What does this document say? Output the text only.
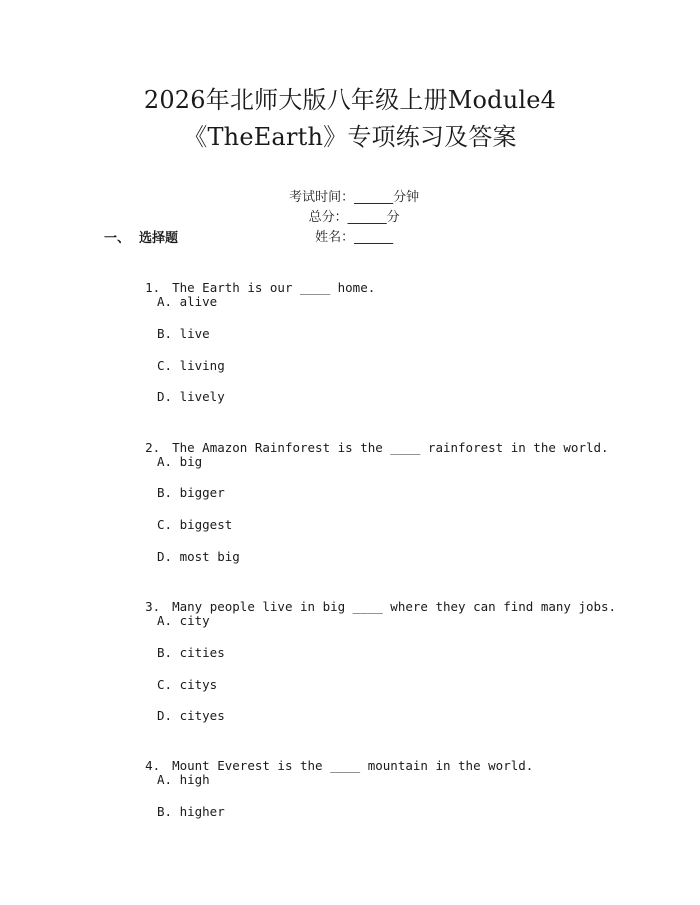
2026年北师大版八年级上册Module4
《TheEarth》专项练习及答案

考试时间：______分钟
总分：______分
姓名：______

一、  选择题

1. The Earth is our ____ home.

A. alive
B. live
C. living
D. lively

2. The Amazon Rainforest is the ____ rainforest in the world.

A. big
B. bigger
C. biggest
D. most big

3. Many people live in big ____ where they can find many jobs.

A. city
B. cities
C. citys
D. cityes

4. Mount Everest is the ____ mountain in the world.

A. high
B. higher
